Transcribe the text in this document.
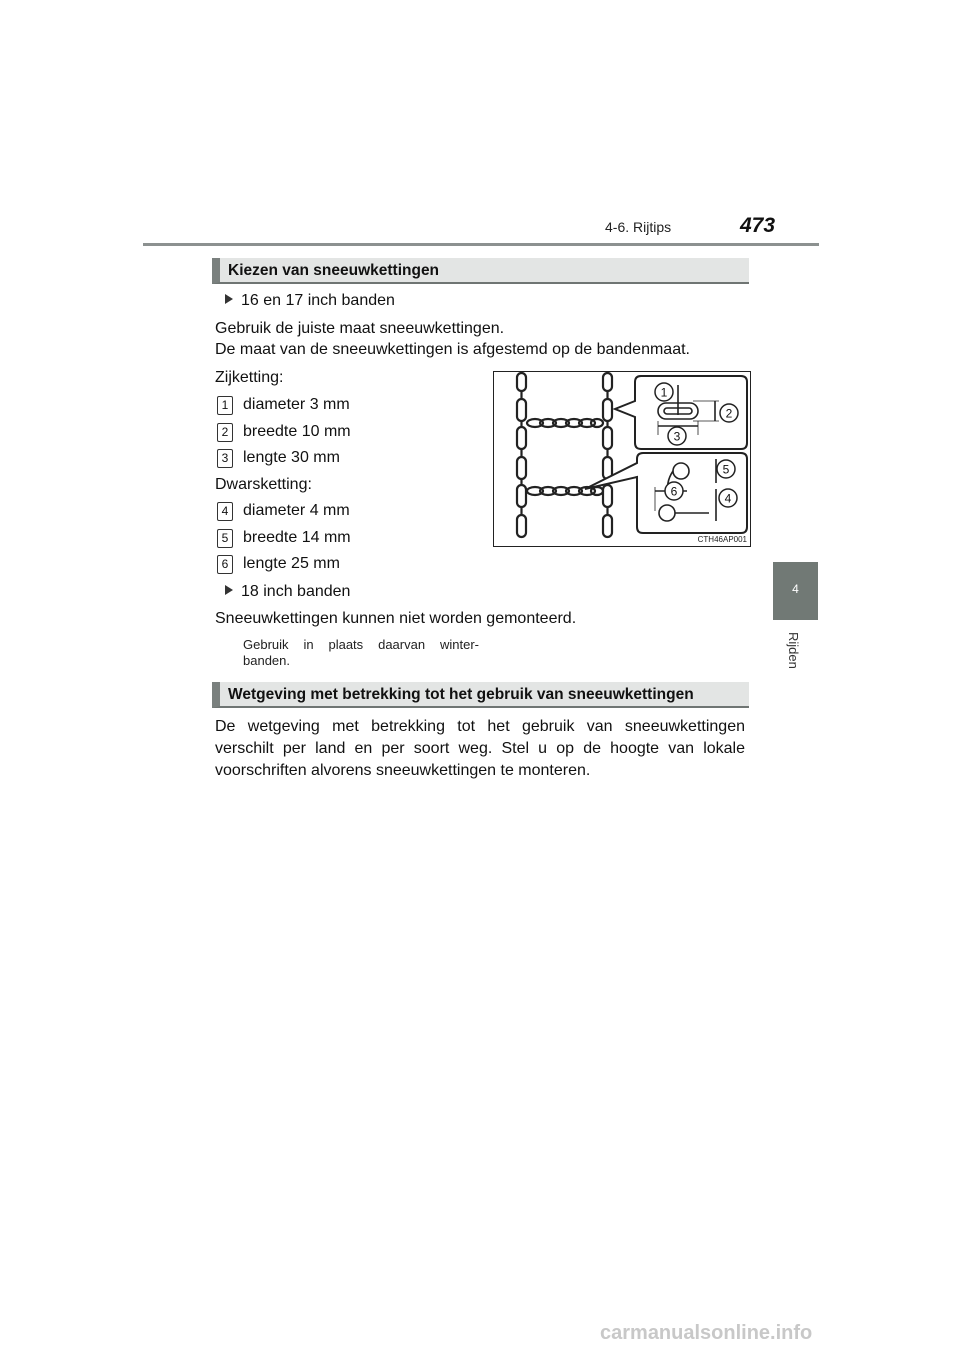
4-6. Rijtips	473
4
Rijden
Kiezen van sneeuwkettingen
16 en 17 inch banden
Gebruik de juiste maat sneeuwkettingen.
De maat van de sneeuwkettingen is afgestemd op de bandenmaat.
Zijketting:
1 diameter 3 mm
2 breedte 10 mm
3 lengte 30 mm
Dwarsketting:
4 diameter 4 mm
5 breedte 14 mm
6 lengte 25 mm
18 inch banden
Sneeuwkettingen kunnen niet worden gemonteerd.
Gebruik in plaats daarvan winter-banden.
1
2
3
4
5
6
CTH46AP001
Wetgeving met betrekking tot het gebruik van sneeuwkettingen
De wetgeving met betrekking tot het gebruik van sneeuwkettingen verschilt per land en per soort weg. Stel u op de hoogte van lokale voorschriften alvorens sneeuwkettingen te monteren.
carmanualsonline.info
